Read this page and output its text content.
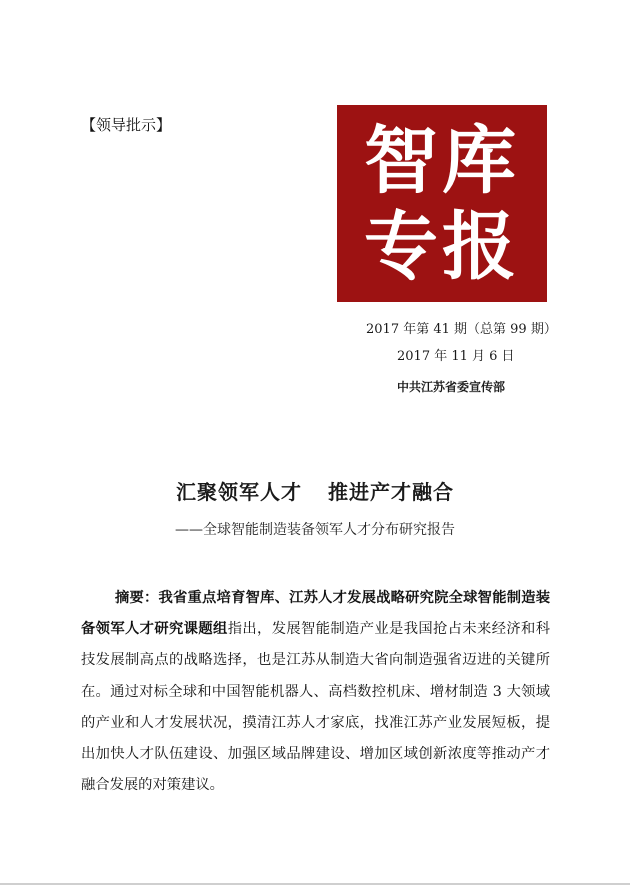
【领导批示】	智库
专报
2017 年第 41 期（总第 99 期）
2017 年 11 月 6 日
中共江苏省委宣传部
汇聚领军人才 推进产才融合
——全球智能制造装备领军人才分布研究报告
摘要：我省重点培育智库、江苏人才发展战略研究院全球智能制造装备领军人才研究课题组指出，发展智能制造产业是我国抢占未来经济和科技发展制高点的战略选择，也是江苏从制造大省向制造强省迈进的关键所在。通过对标全球和中国智能机器人、高档数控机床、增材制造 3 大领域的产业和人才发展状况，摸清江苏人才家底，找准江苏产业发展短板，提出加快人才队伍建设、加强区域品牌建设、增加区域创新浓度等推动产才融合发展的对策建议。
